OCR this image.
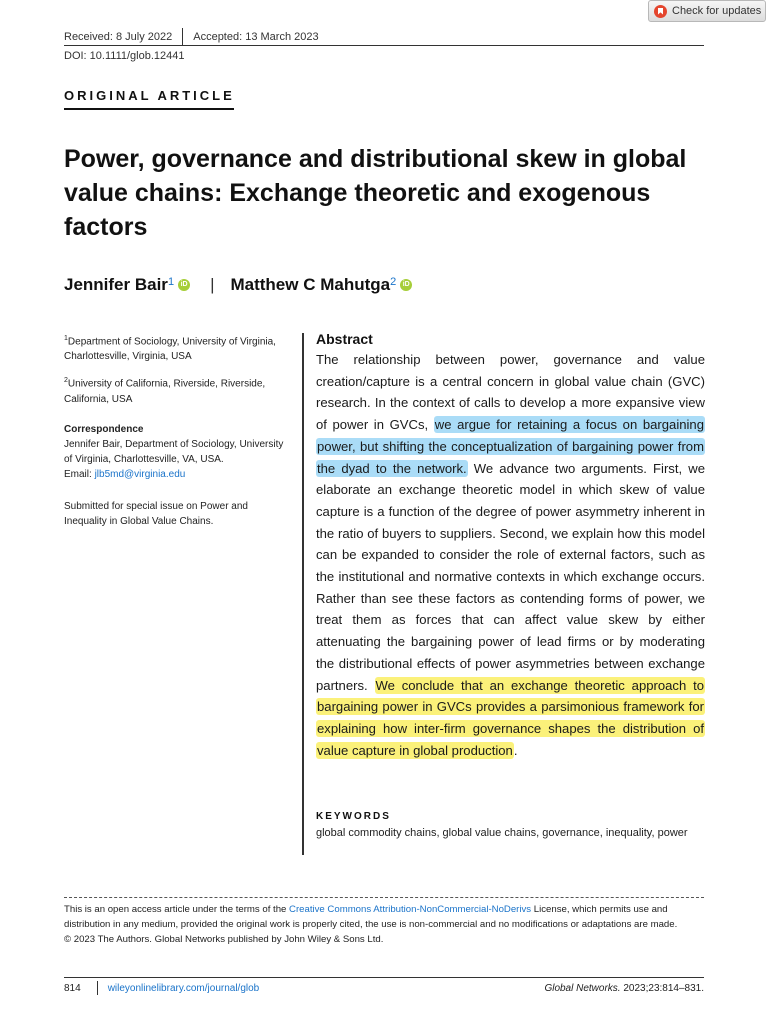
Check for updates
Received: 8 July 2022 Accepted: 13 March 2023
DOI: 10.1111/glob.12441
ORIGINAL ARTICLE
Power, governance and distributional skew in global value chains: Exchange theoretic and exogenous factors
Jennifer Bair$^1$ iD | Matthew C Mahutga$^2$ iD

$^1$Department of Sociology, University of Virginia, Charlottesville, Virginia, USA

$^2$University of California, Riverside, Riverside, California, USA

Correspondence

Jennifer Bair, Department of Sociology, University of Virginia, Charlottesville, VA, USA.
Email: jlb5md@virginia.edu

Submitted for special issue on Power and Inequality in Global Value Chains.

Abstract

The relationship between power, governance and value creation/capture is a central concern in global value chain (GVC) research. In the context of calls to develop a more expansive view of power in GVCs, we argue for retaining a focus on bargaining power, but shifting the conceptualization of bargaining power from the dyad to the network. We advance two arguments. First, we elaborate an exchange theoretic model in which skew of value capture is a function of the degree of power asymmetry inherent in the ratio of buyers to suppliers. Second, we explain how this model can be expanded to consider the role of external factors, such as the institutional and normative contexts in which exchange occurs. Rather than see these factors as contending forms of power, we treat them as forces that can affect value skew by either attenuating the bargaining power of lead firms or by moderating the distributional effects of power asymmetries between exchange partners. We conclude that an exchange theoretic approach to bargaining power in GVCs provides a parsimonious framework for explaining how inter-firm governance shapes the distribution of value capture in global production.

KEYWORDS
global commodity chains, global value chains, governance, inequality, power

This is an open access article under the terms of the Creative Commons Attribution-NonCommercial-NoDerivs License, which permits use and distribution in any medium, provided the original work is properly cited, the use is non-commercial and no modifications or adaptations are made.

© 2023 The Authors. Global Networks published by John Wiley & Sons Ltd.

814	wileyonlinelibrary.com/journal/glob	Global Networks. 2023;23:814–831.
